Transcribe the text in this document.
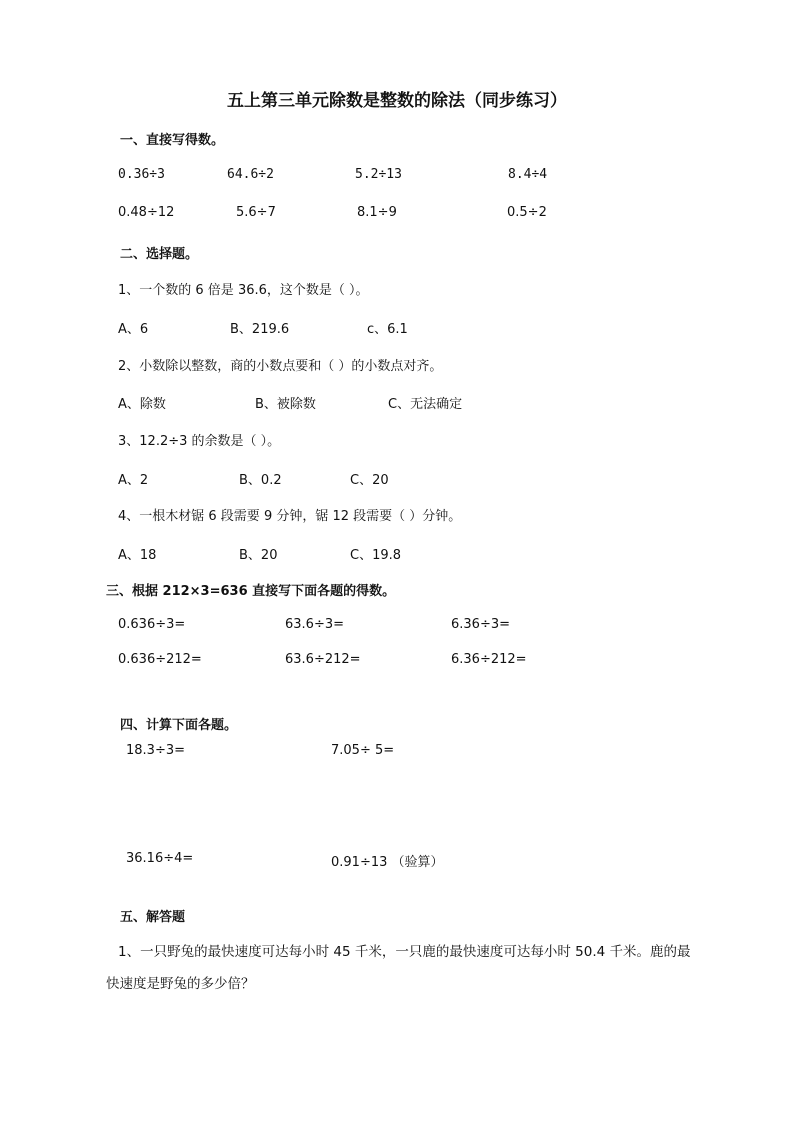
五上第三单元除数是整数的除法（同步练习）
一、直接写得数。
0.36÷3	64.6÷2	5.2÷13	8.4÷4
0.48÷12	5.6÷7	8.1÷9	0.5÷2
二、选择题。
1、一个数的 6 倍是 36.6，这个数是（ ）。
A、6	B、219.6	c、6.1
2、小数除以整数，商的小数点要和（ ）的小数点对齐。
A、除数	B、被除数	C、无法确定
3、12.2÷3 的余数是（ ）。
A、2	B、0.2	C、20
4、一根木材锯 6 段需要 9 分钟，锯 12 段需要（ ）分钟。
A、18	B、20	C、19.8
三、根据 212×3=636 直接写下面各题的得数。
0.636÷3=	63.6÷3=	6.36÷3=
0.636÷212=	63.6÷212=	6.36÷212=
四、计算下面各题。
18.3÷3=	7.05÷ 5=
36.16÷4=	0.91÷13 （验算）
五、解答题
1、一只野兔的最快速度可达每小时 45 千米，一只鹿的最快速度可达每小时 50.4 千米。鹿的最
快速度是野兔的多少倍？
